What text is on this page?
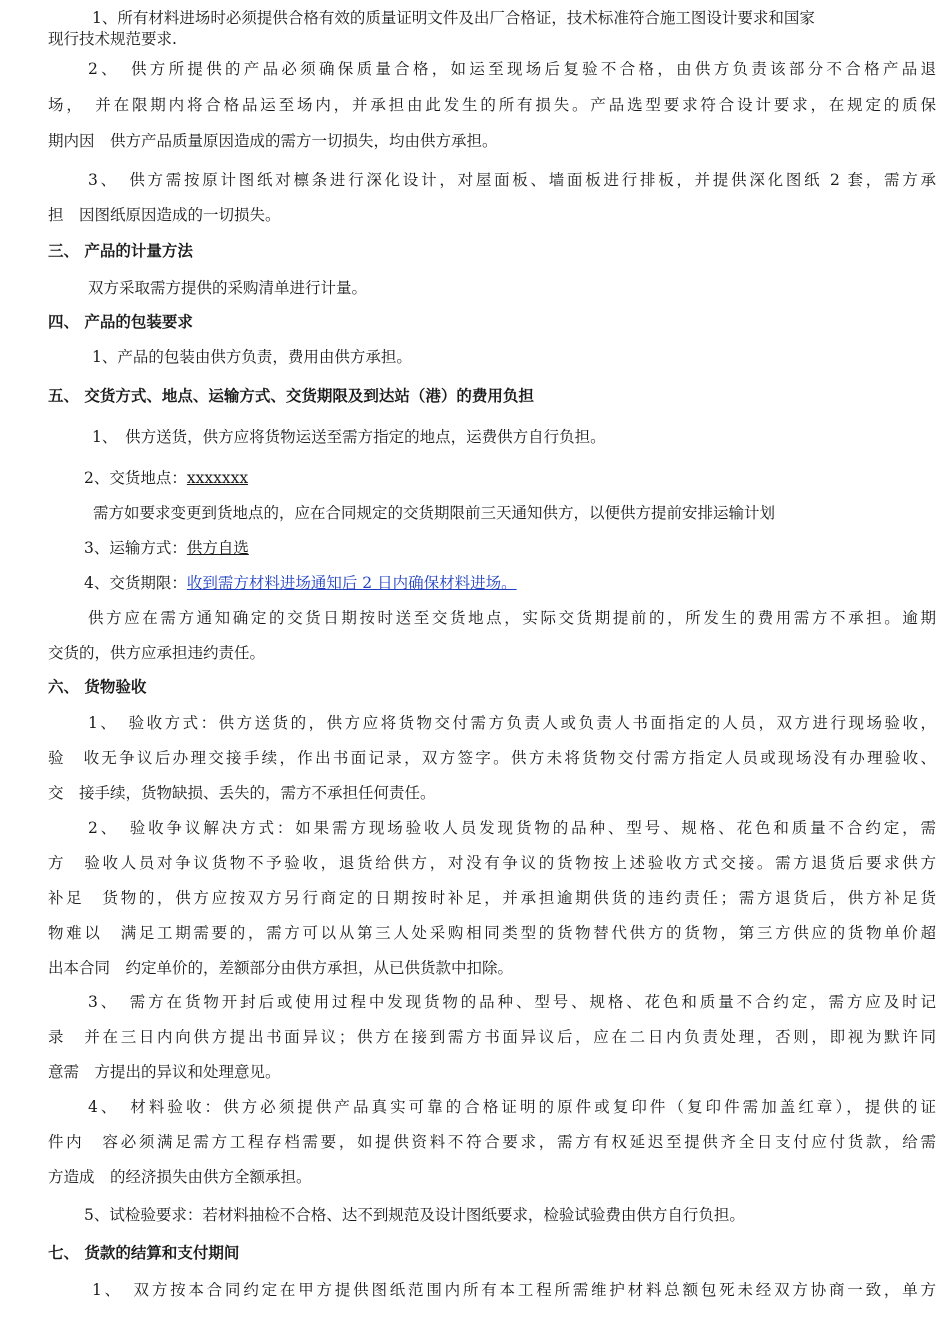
1、所有材料进场时必须提供合格有效的质量证明文件及出厂合格证，技术标准符合施工图设计要求和国家
现行技术规范要求.
2、　供方所提供的产品必须确保质量合格，如运至现场后复验不合格，由供方负责该部分不合格产品退
场，　并在限期内将合格品运至场内，并承担由此发生的所有损失。产品选型要求符合设计要求，在规定的质保
期内因　供方产品质量原因造成的需方一切损失，均由供方承担。
3、　供方需按原计图纸对檩条进行深化设计，对屋面板、墙面板进行排板，并提供深化图纸 2 套，需方承
担　因图纸原因造成的一切损失。
三、 产品的计量方法
双方采取需方提供的采购清单进行计量。
四、 产品的包装要求
1、产品的包装由供方负责，费用由供方承担。
五、 交货方式、地点、运输方式、交货期限及到达站（港）的费用负担
1、　供方送货，供方应将货物运送至需方指定的地点，运费供方自行负担。
2、交货地点：xxxxxxx
需方如要求变更到货地点的，应在合同规定的交货期限前三天通知供方，以便供方提前安排运输计划
3、运输方式：供方自选
4、交货期限：收到需方材料进场通知后 2 日内确保材料进场。
供方应在需方通知确定的交货日期按时送至交货地点，实际交货期提前的，所发生的费用需方不承担。逾期
交货的，供方应承担违约责任。
六、 货物验收
1、　验收方式：供方送货的，供方应将货物交付需方负责人或负责人书面指定的人员，双方进行现场验收，
验　收无争议后办理交接手续，作出书面记录，双方签字。供方未将货物交付需方指定人员或现场没有办理验收、
交　接手续，货物缺损、丢失的，需方不承担任何责任。
2、　验收争议解决方式：如果需方现场验收人员发现货物的品种、型号、规格、花色和质量不合约定，需
方　验收人员对争议货物不予验收，退货给供方，对没有争议的货物按上述验收方式交接。需方退货后要求供方
补足　货物的，供方应按双方另行商定的日期按时补足，并承担逾期供货的违约责任；需方退货后，供方补足货
物难以　满足工期需要的，需方可以从第三人处采购相同类型的货物替代供方的货物，第三方供应的货物单价超
出本合同　约定单价的，差额部分由供方承担，从已供货款中扣除。
3、　需方在货物开封后或使用过程中发现货物的品种、型号、规格、花色和质量不合约定，需方应及时记
录　并在三日内向供方提出书面异议；供方在接到需方书面异议后，应在二日内负责处理，否则，即视为默许同
意需　方提出的异议和处理意见。
4、　材料验收：供方必须提供产品真实可靠的合格证明的原件或复印件（复印件需加盖红章），提供的证
件内　容必须满足需方工程存档需要，如提供资料不符合要求，需方有权延迟至提供齐全日支付应付货款，给需
方造成　的经济损失由供方全额承担。
5、试检验要求：若材料抽检不合格、达不到规范及设计图纸要求，检验试验费由供方自行负担。
七、 货款的结算和支付期间
1、　双方按本合同约定在甲方提供图纸范围内所有本工程所需维护材料总额包死未经双方协商一致，单方
